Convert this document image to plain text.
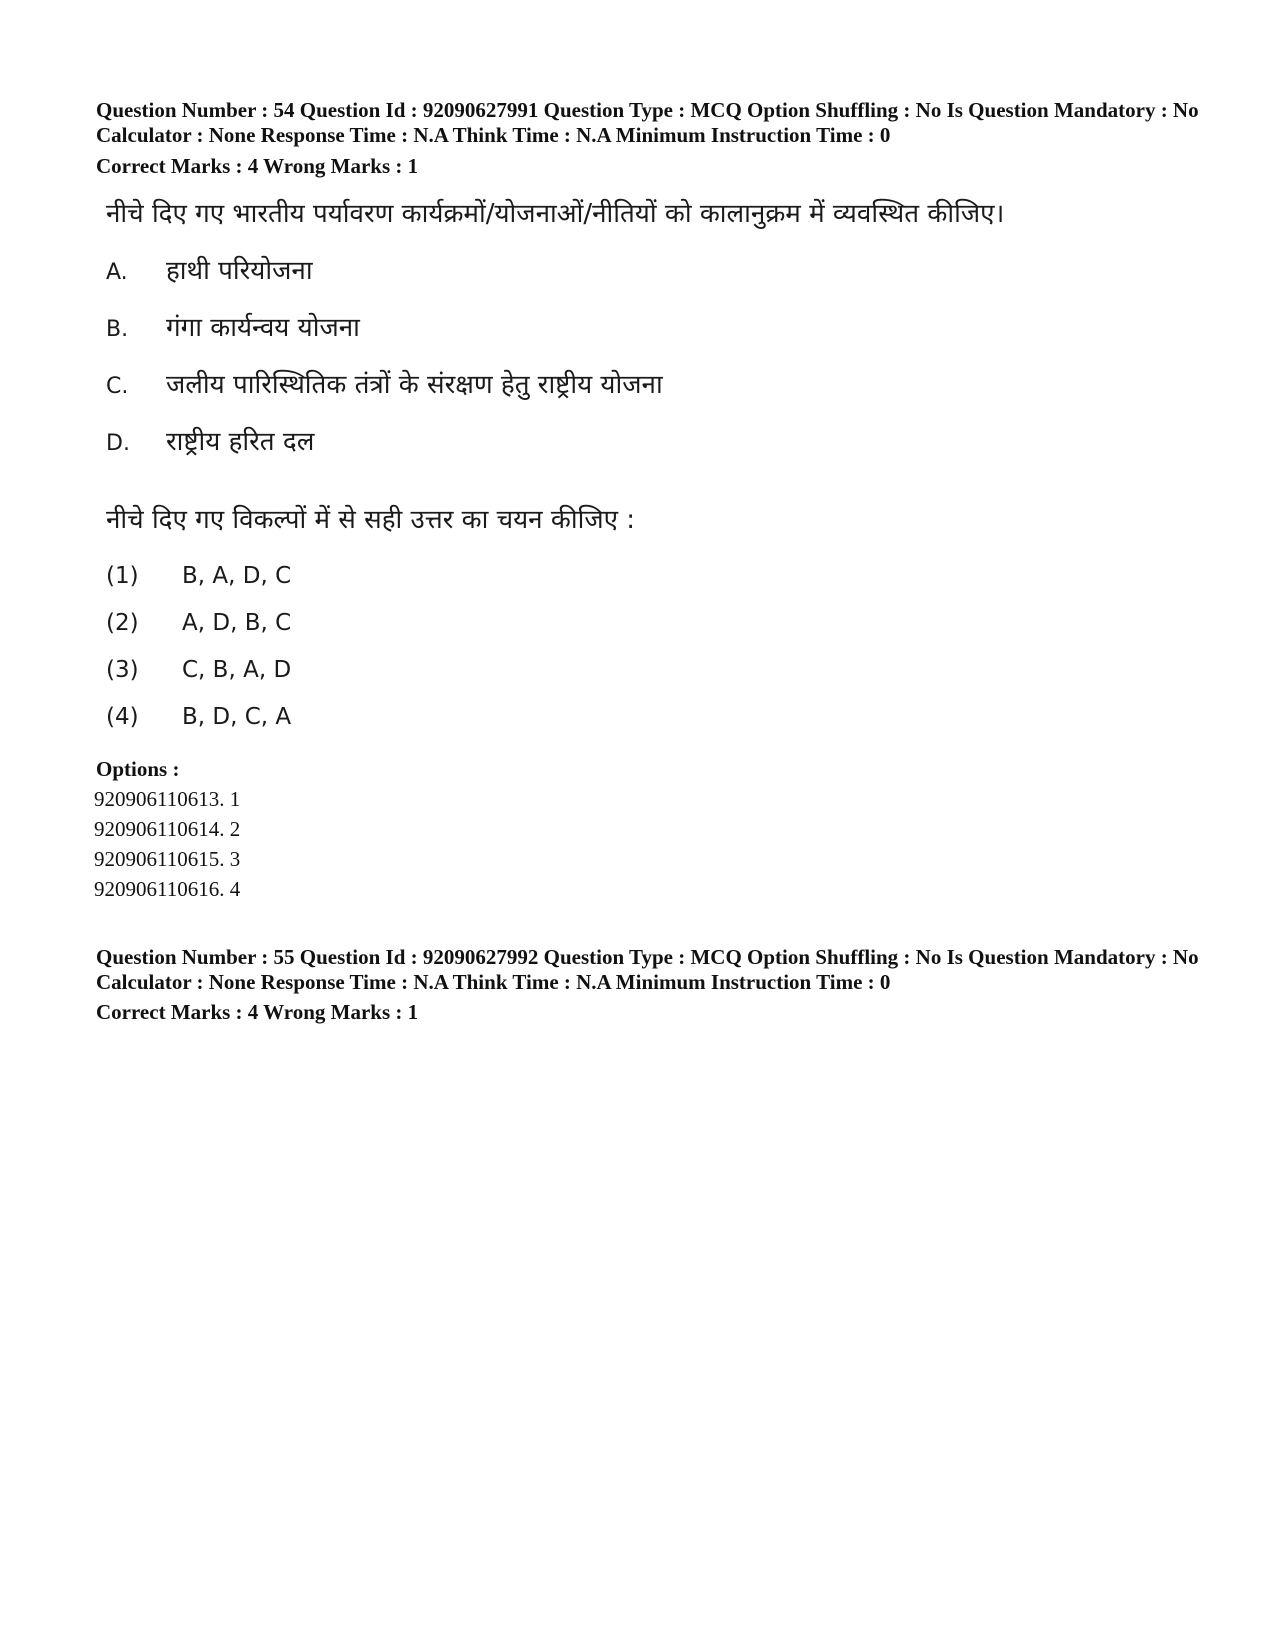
Question Number : 54 Question Id : 92090627991 Question Type : MCQ Option Shuffling : No Is Question Mandatory : No Calculator : None Response Time : N.A Think Time : N.A Minimum Instruction Time : 0

Correct Marks : 4 Wrong Marks : 1

नीचे दिए गए भारतीय पर्यावरण कार्यक्रमों/योजनाओं/नीतियों को कालानुक्रम में व्यवस्थित कीजिए।

A. हाथी परियोजना
B. गंगा कार्यन्वय योजना
C. जलीय पारिस्थितिक तंत्रों के संरक्षण हेतु राष्ट्रीय योजना
D. राष्ट्रीय हरित दल

नीचे दिए गए विकल्पों में से सही उत्तर का चयन कीजिए :

(1) B, A, D, C
(2) A, D, B, C
(3) C, B, A, D
(4) B, D, C, A

Options :

920906110613. 1

920906110614. 2

920906110615. 3

920906110616. 4

Question Number : 55 Question Id : 92090627992 Question Type : MCQ Option Shuffling : No Is Question Mandatory : No Calculator : None Response Time : N.A Think Time : N.A Minimum Instruction Time : 0

Correct Marks : 4 Wrong Marks : 1
